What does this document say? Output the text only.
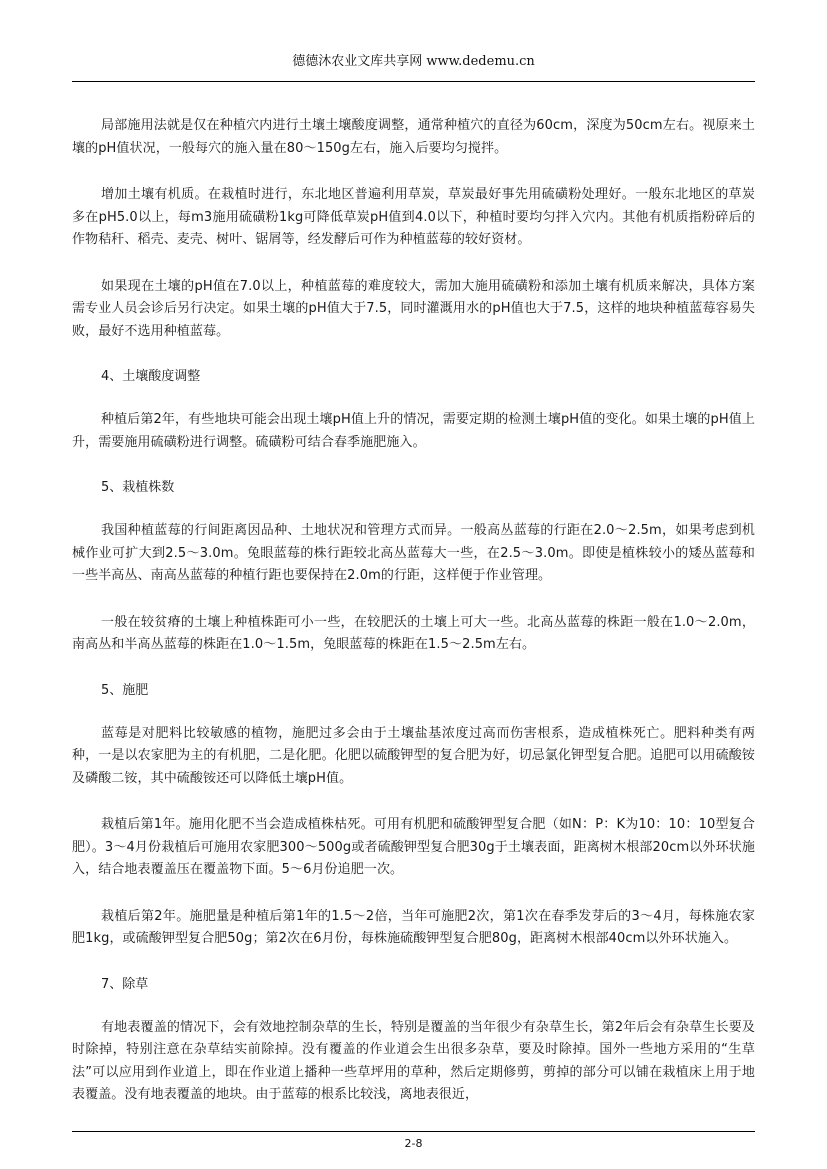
德德沐农业文库共享网 www.dedemu.cn

局部施用法就是仅在种植穴内进行土壤土壤酸度调整，通常种植穴的直径为60cm，深度为50cm左右。视原来土壤的pH值状况，一般每穴的施入量在80～150g左右，施入后要均匀搅拌。

增加土壤有机质。在栽植时进行，东北地区普遍利用草炭，草炭最好事先用硫磺粉处理好。一般东北地区的草炭多在pH5.0以上，每m3施用硫磺粉1kg可降低草炭pH值到4.0以下，种植时要均匀拌入穴内。其他有机质指粉碎后的作物秸秆、稻壳、麦壳、树叶、锯屑等，经发酵后可作为种植蓝莓的较好资材。

如果现在土壤的pH值在7.0以上，种植蓝莓的难度较大，需加大施用硫磺粉和添加土壤有机质来解决，具体方案需专业人员会诊后另行决定。如果土壤的pH值大于7.5，同时灌溉用水的pH值也大于7.5，这样的地块种植蓝莓容易失败，最好不选用种植蓝莓。

4、土壤酸度调整

种植后第2年，有些地块可能会出现土壤pH值上升的情况，需要定期的检测土壤pH值的变化。如果土壤的pH值上升，需要施用硫磺粉进行调整。硫磺粉可结合春季施肥施入。

5、栽植株数

我国种植蓝莓的行间距离因品种、土地状况和管理方式而异。一般高丛蓝莓的行距在2.0～2.5m，如果考虑到机械作业可扩大到2.5～3.0m。兔眼蓝莓的株行距较北高丛蓝莓大一些，在2.5～3.0m。即使是植株较小的矮丛蓝莓和一些半高丛、南高丛蓝莓的种植行距也要保持在2.0m的行距，这样便于作业管理。

一般在较贫瘠的土壤上种植株距可小一些，在较肥沃的土壤上可大一些。北高丛蓝莓的株距一般在1.0～2.0m，南高丛和半高丛蓝莓的株距在1.0～1.5m，兔眼蓝莓的株距在1.5～2.5m左右。

5、施肥

蓝莓是对肥料比较敏感的植物，施肥过多会由于土壤盐基浓度过高而伤害根系，造成植株死亡。肥料种类有两种，一是以农家肥为主的有机肥，二是化肥。化肥以硫酸钾型的复合肥为好，切忌氯化钾型复合肥。追肥可以用硫酸铵及磷酸二铵，其中硫酸铵还可以降低土壤pH值。

栽植后第1年。施用化肥不当会造成植株枯死。可用有机肥和硫酸钾型复合肥（如N：P：K为10：10：10型复合肥）。3～4月份栽植后可施用农家肥300～500g或者硫酸钾型复合肥30g于土壤表面，距离树木根部20cm以外环状施入，结合地表覆盖压在覆盖物下面。5～6月份追肥一次。

栽植后第2年。施肥量是种植后第1年的1.5～2倍，当年可施肥2次，第1次在春季发芽后的3～4月，每株施农家肥1kg，或硫酸钾型复合肥50g；第2次在6月份，每株施硫酸钾型复合肥80g，距离树木根部40cm以外环状施入。

7、除草

有地表覆盖的情况下，会有效地控制杂草的生长，特别是覆盖的当年很少有杂草生长，第2年后会有杂草生长要及时除掉，特别注意在杂草结实前除掉。没有覆盖的作业道会生出很多杂草，要及时除掉。国外一些地方采用的“生草法”可以应用到作业道上，即在作业道上播种一些草坪用的草种，然后定期修剪，剪掉的部分可以铺在栽植床上用于地表覆盖。没有地表覆盖的地块。由于蓝莓的根系比较浅，离地表很近，

2-8
